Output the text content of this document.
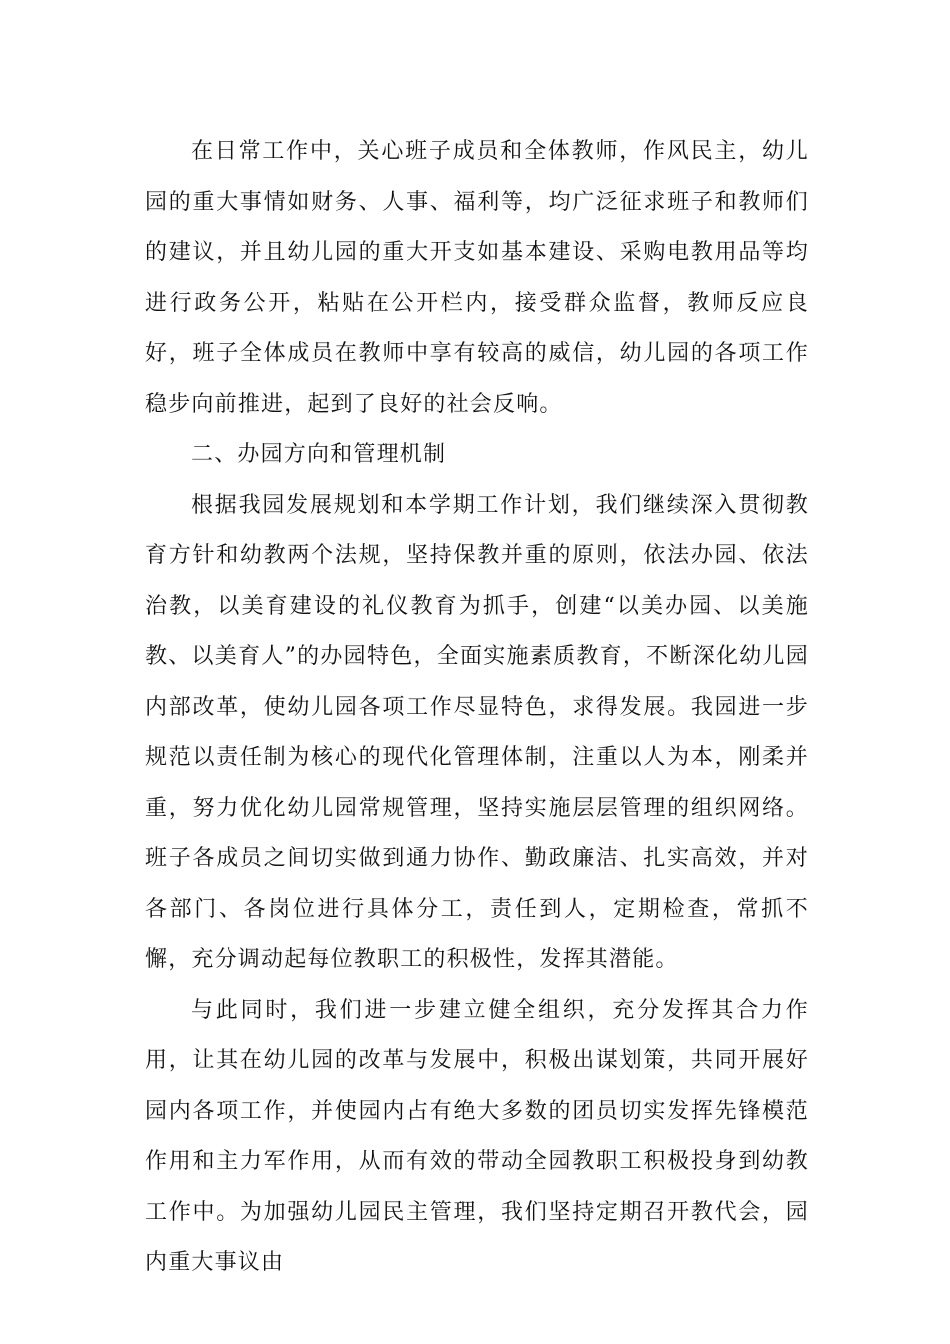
在日常工作中，关心班子成员和全体教师，作风民主，幼儿园的重大事情如财务、人事、福利等，均广泛征求班子和教师们的建议，并且幼儿园的重大开支如基本建设、采购电教用品等均进行政务公开，粘贴在公开栏内，接受群众监督，教师反应良好，班子全体成员在教师中享有较高的威信，幼儿园的各项工作稳步向前推进，起到了良好的社会反响。

二、办园方向和管理机制

根据我园发展规划和本学期工作计划，我们继续深入贯彻教育方针和幼教两个法规，坚持保教并重的原则，依法办园、依法治教，以美育建设的礼仪教育为抓手，创建“以美办园、以美施教、以美育人”的办园特色，全面实施素质教育，不断深化幼儿园内部改革，使幼儿园各项工作尽显特色，求得发展。我园进一步规范以责任制为核心的现代化管理体制，注重以人为本，刚柔并重，努力优化幼儿园常规管理，坚持实施层层管理的组织网络。班子各成员之间切实做到通力协作、勤政廉洁、扎实高效，并对各部门、各岗位进行具体分工，责任到人，定期检查，常抓不懈，充分调动起每位教职工的积极性，发挥其潜能。

与此同时，我们进一步建立健全组织，充分发挥其合力作用，让其在幼儿园的改革与发展中，积极出谋划策，共同开展好园内各项工作，并使园内占有绝大多数的团员切实发挥先锋模范作用和主力军作用，从而有效的带动全园教职工积极投身到幼教工作中。为加强幼儿园民主管理，我们坚持定期召开教代会，园内重大事议由
